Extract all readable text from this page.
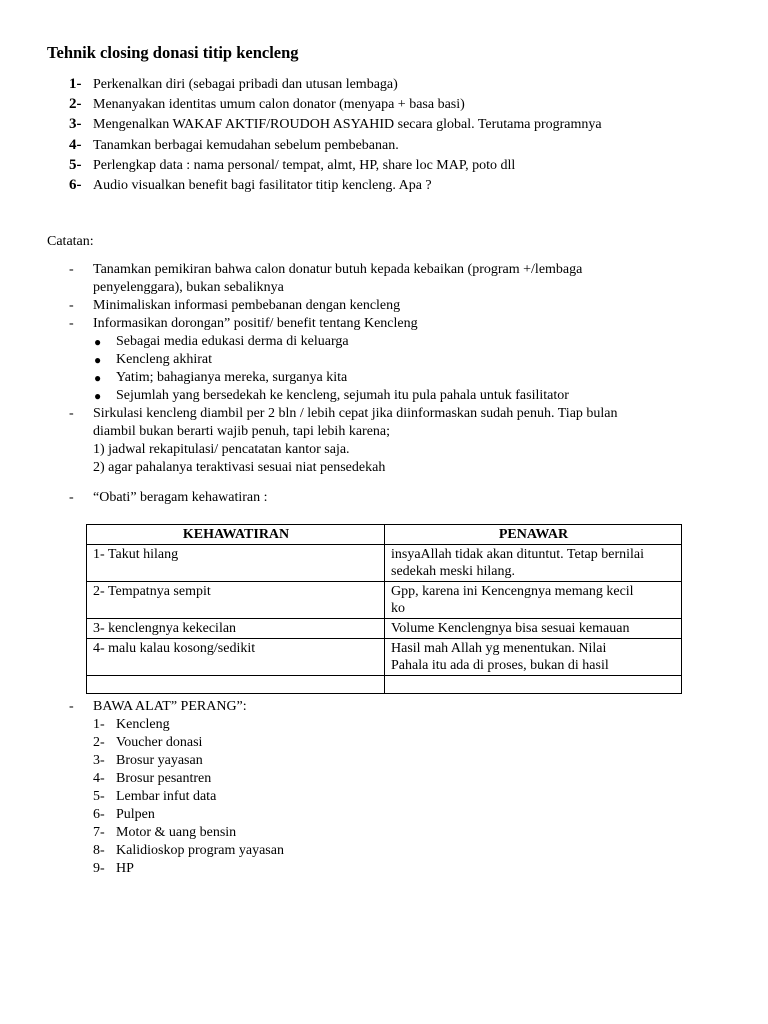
Tehnik closing donasi titip kencleng
1- Perkenalkan diri (sebagai pribadi dan utusan lembaga)
2- Menanyakan identitas umum calon donator (menyapa + basa basi)
3- Mengenalkan WAKAF AKTIF/ROUDOH ASYAHID secara global. Terutama programnya
4- Tanamkan berbagai kemudahan sebelum pembebanan.
5- Perlengkap data : nama personal/ tempat, almt, HP, share loc MAP, poto dll
6- Audio visualkan benefit bagi fasilitator titip kencleng. Apa ?

Catatan:

- Tanamkan pemikiran bahwa calon donatur butuh kepada kebaikan (program +/lembaga
penyelenggara), bukan sebaliknya
- Minimaliskan informasi pembebanan dengan kencleng
- Informasikan dorongan” positif/ benefit tentang Kencleng
● Sebagai media edukasi derma di keluarga
● Kencleng akhirat
● Yatim; bahagianya mereka, surganya kita
● Sejumlah yang bersedekah ke kencleng, sejumah itu pula pahala untuk fasilitator
- Sirkulasi kencleng diambil per 2 bln / lebih cepat jika diinformaskan sudah penuh. Tiap bulan
diambil bukan berarti wajib penuh, tapi lebih karena;
1) jadwal rekapitulasi/ pencatatan kantor saja.
2) agar pahalanya teraktivasi sesuai niat pensedekah
- “Obati” beragam kehawatiran :
KEHAWATIRAN	PENAWAR
1- Takut hilang	insyaAllah tidak akan dituntut. Tetap bernilai
sedekah meski hilang.

2- Tempatnya sempit	Gpp, karena ini Kencengnya memang kecil
ko

3- kenclengnya kekecilan	Volume Kenclengnya bisa sesuai kemauan

4- malu kalau kosong/sedikit	Hasil mah Allah yg menentukan. Nilai
Pahala itu ada di proses, bukan di hasil

- BAWA ALAT” PERANG”:
1- Kencleng
2- Voucher donasi
3- Brosur yayasan
4- Brosur pesantren
5- Lembar infut data
6- Pulpen
7- Motor & uang bensin
8- Kalidioskop program yayasan
9- HP
